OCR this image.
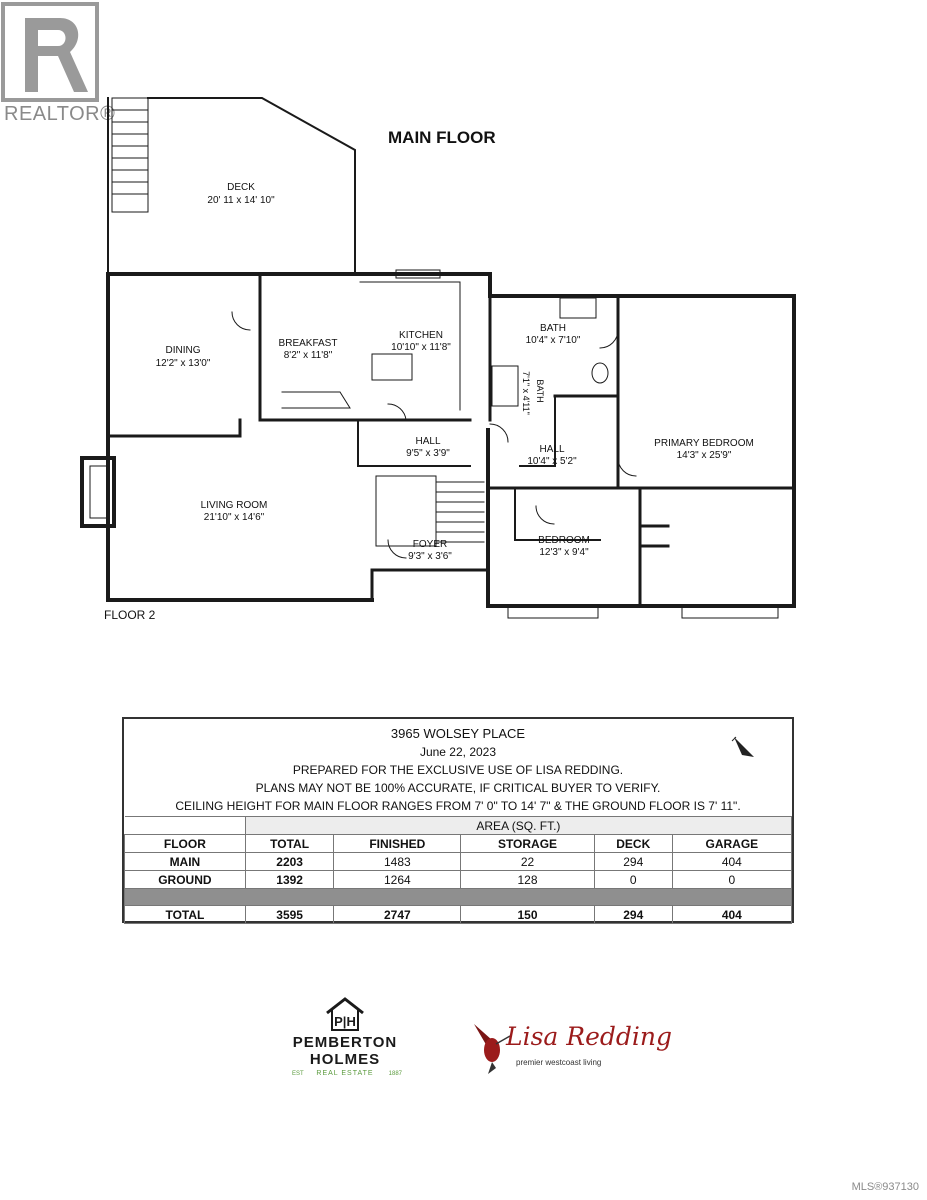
REALTOR®
MAIN FLOOR
DECK
20' 11 x 14' 10"
DINING
12'2" x 13'0"
BREAKFAST
8'2" x 11'8"
KITCHEN
10'10" x 11'8"
BATH
10'4" x 7'10"
BATH
7'1" x 4'11"
HALL
9'5" x 3'9"	HALL
10'4" x 5'2"
PRIMARY BEDROOM
14'3" x 25'9"
LIVING ROOM
21'10" x 14'6"
BEDROOM
12'3" x 9'4"
FOYER
9'3" x 3'6"
FLOOR 2
3965 WOLSEY PLACE
June 22, 2023
PREPARED FOR THE EXCLUSIVE USE OF LISA REDDING.
PLANS MAY NOT BE 100% ACCURATE, IF CRITICAL BUYER TO VERIFY.
CEILING HEIGHT FOR MAIN FLOOR RANGES FROM 7' 0" TO 14' 7" & THE GROUND FLOOR IS 7' 11".
	AREA (SQ. FT.)				
FLOOR	TOTAL	FINISHED	STORAGE	DECK	GARAGE
MAIN	2203	1483	22	294	404
GROUND	1392	1264	128	0	0

TOTAL	3595	2747	150	294	404
P|H
PEMBERTON
HOLMES
EST	REAL ESTATE	1887
Lisa Redding
premier westcoast living
MLS®937130
